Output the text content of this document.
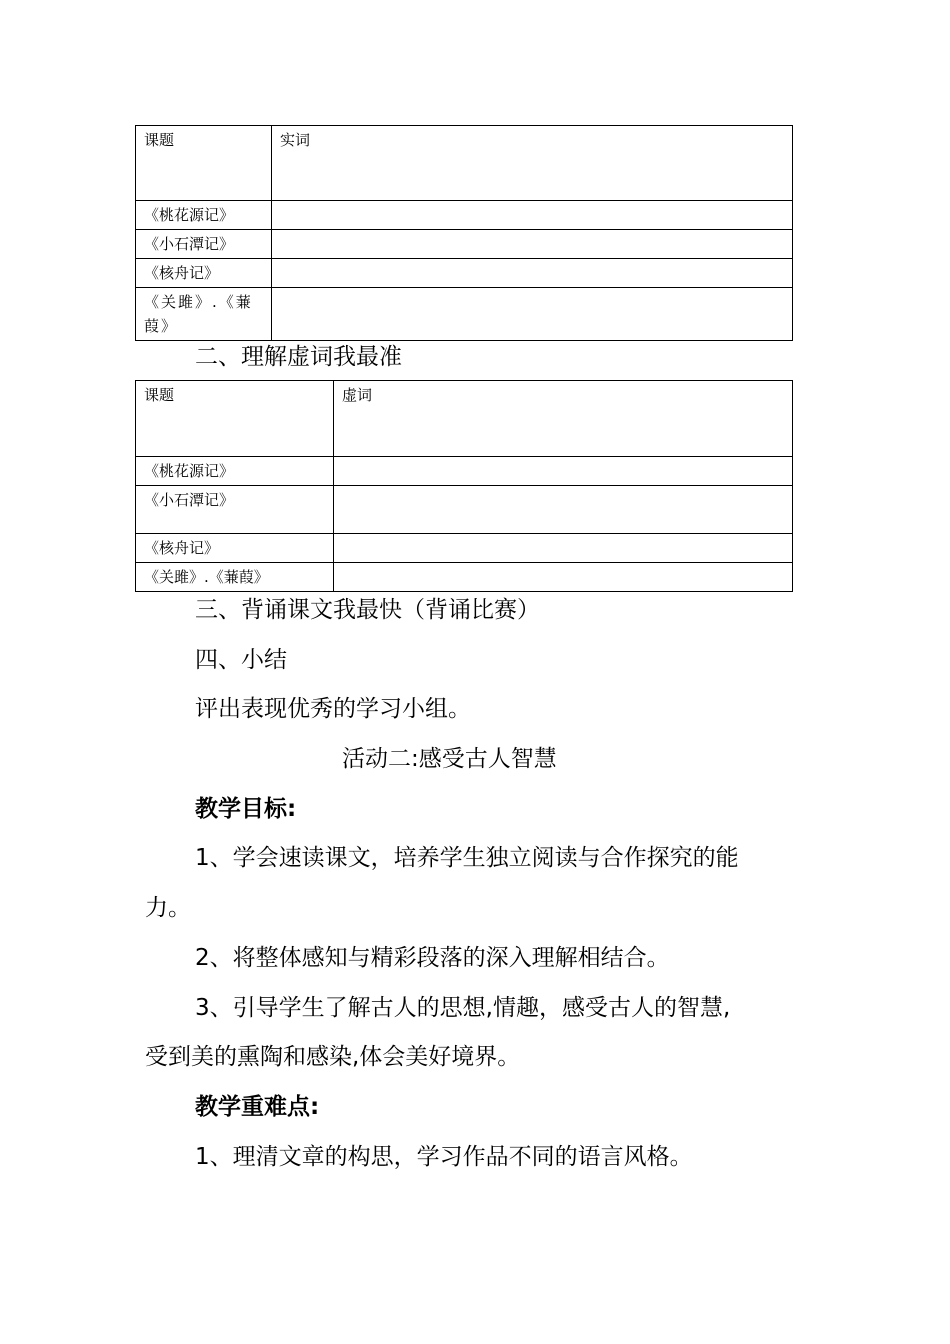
课题	实词
《桃花源记》	
《小石潭记》	
《核舟记》	
《关雎》.《蒹葭》	
二、理解虚词我最准
课题	虚词
《桃花源记》	
《小石潭记》	
《核舟记》	
《关雎》.《蒹葭》	
三、背诵课文我最快（背诵比赛）
四、小结
评出表现优秀的学习小组。
活动二:感受古人智慧
教学目标:
1、学会速读课文，培养学生独立阅读与合作探究的能
力。
2、将整体感知与精彩段落的深入理解相结合。
3、引导学生了解古人的思想,情趣，感受古人的智慧,
受到美的熏陶和感染,体会美好境界。
教学重难点:
1、理清文章的构思，学习作品不同的语言风格。
